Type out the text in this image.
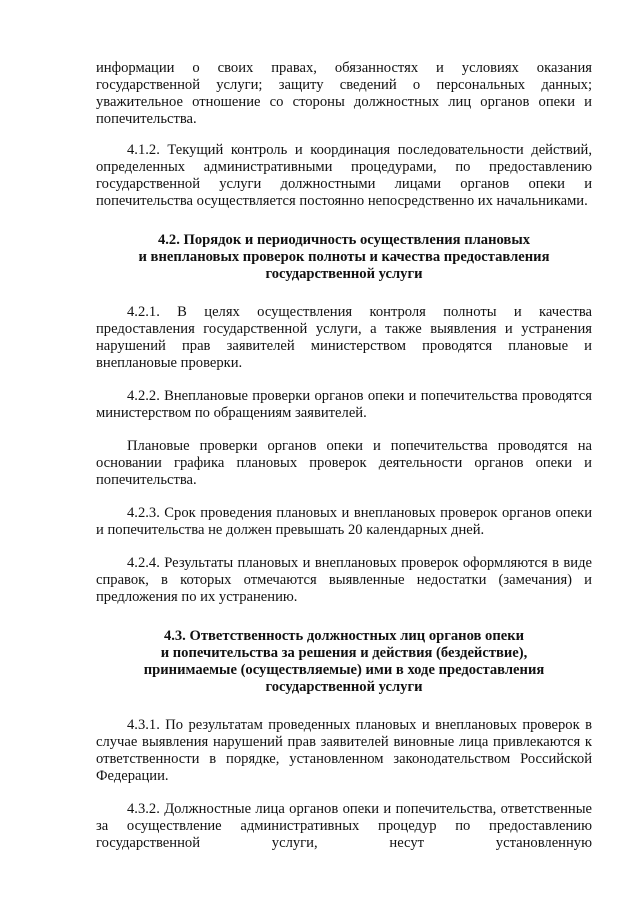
информации о своих правах, обязанностях и условиях оказания государственной услуги; защиту сведений о персональных данных; уважительное отношение со стороны должностных лиц органов опеки и попечительства.

4.1.2. Текущий контроль и координация последовательности действий, определенных административными процедурами, по предоставлению государственной услуги должностными лицами органов опеки и попечительства осуществляется постоянно непосредственно их начальниками.

4.2. Порядок и периодичность осуществления плановых
и внеплановых проверок полноты и качества предоставления
государственной услуги

4.2.1. В целях осуществления контроля полноты и качества предоставления государственной услуги, а также выявления и устранения нарушений прав заявителей министерством проводятся плановые и внеплановые проверки.

4.2.2. Внеплановые проверки органов опеки и попечительства проводятся министерством по обращениям заявителей.

Плановые проверки органов опеки и попечительства проводятся на основании графика плановых проверок деятельности органов опеки и попечительства.

4.2.3. Срок проведения плановых и внеплановых проверок органов опеки и попечительства не должен превышать 20 календарных дней.

4.2.4. Результаты плановых и внеплановых проверок оформляются в виде справок, в которых отмечаются выявленные недостатки (замечания) и предложения по их устранению.

4.3. Ответственность должностных лиц органов опеки
и попечительства за решения и действия (бездействие),
принимаемые (осуществляемые) ими в ходе предоставления
государственной услуги

4.3.1. По результатам проведенных плановых и внеплановых проверок в случае выявления нарушений прав заявителей виновные лица привлекаются к ответственности в порядке, установленном законодательством Российской Федерации.

4.3.2. Должностные лица органов опеки и попечительства, ответственные за осуществление административных процедур по предоставлению государственной услуги, несут установленную
